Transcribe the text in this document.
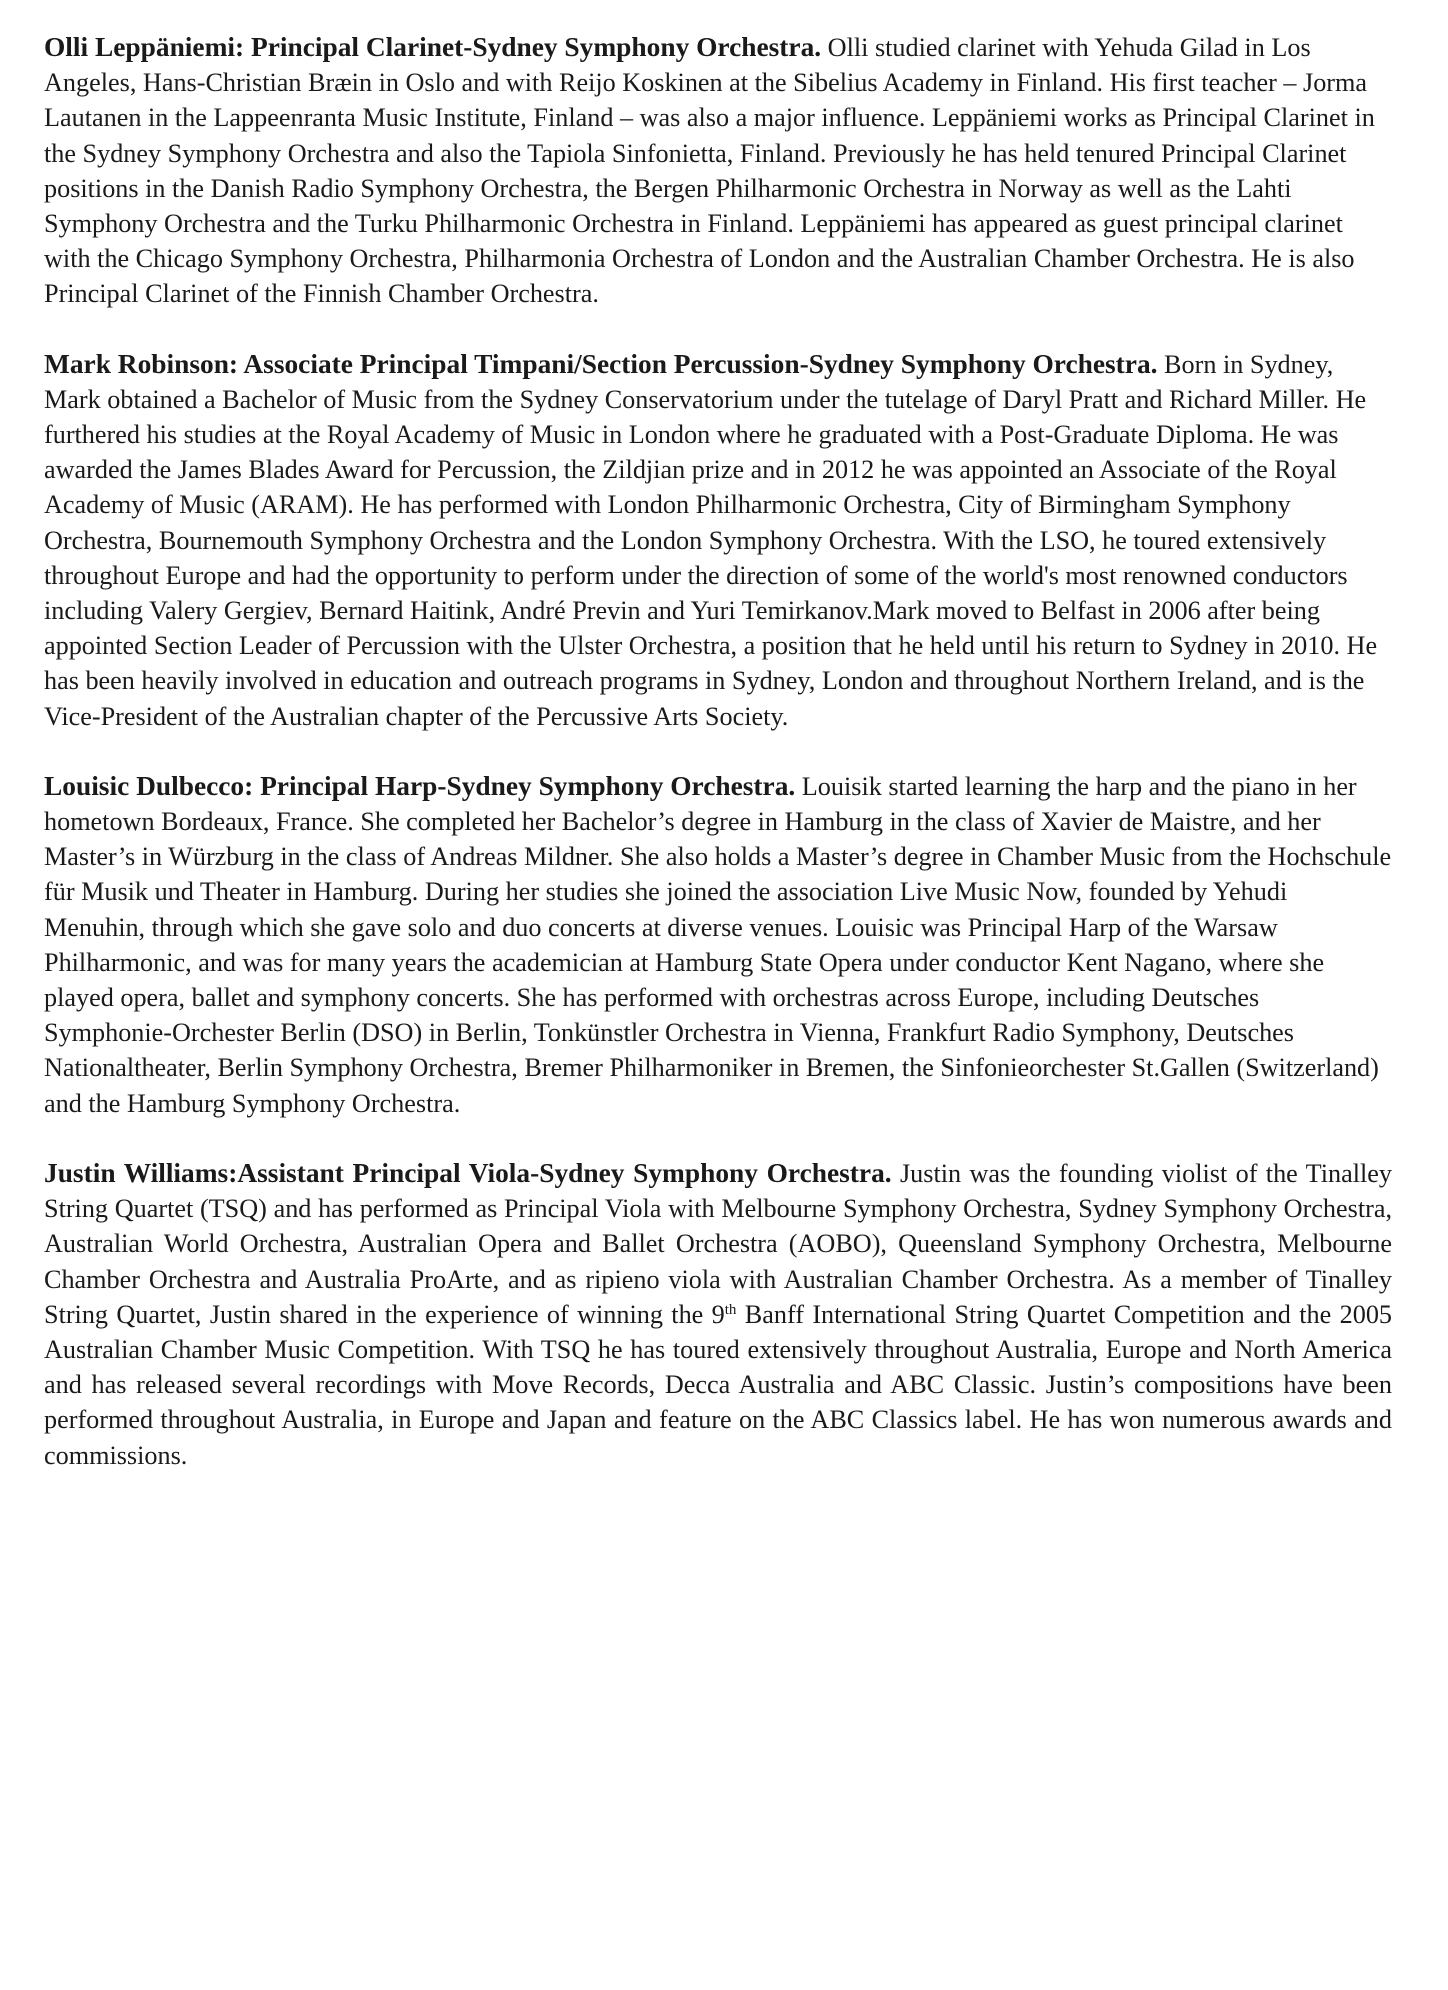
Olli Leppäniemi: Principal Clarinet-Sydney Symphony Orchestra. Olli studied clarinet with Yehuda Gilad in Los Angeles, Hans-Christian Bræin in Oslo and with Reijo Koskinen at the Sibelius Academy in Finland. His first teacher – Jorma Lautanen in the Lappeenranta Music Institute, Finland – was also a major influence. Leppäniemi works as Principal Clarinet in the Sydney Symphony Orchestra and also the Tapiola Sinfonietta, Finland. Previously he has held tenured Principal Clarinet positions in the Danish Radio Symphony Orchestra, the Bergen Philharmonic Orchestra in Norway as well as the Lahti Symphony Orchestra and the Turku Philharmonic Orchestra in Finland. Leppäniemi has appeared as guest principal clarinet with the Chicago Symphony Orchestra, Philharmonia Orchestra of London and the Australian Chamber Orchestra. He is also Principal Clarinet of the Finnish Chamber Orchestra.

Mark Robinson: Associate Principal Timpani/Section Percussion-Sydney Symphony Orchestra. Born in Sydney, Mark obtained a Bachelor of Music from the Sydney Conservatorium under the tutelage of Daryl Pratt and Richard Miller. He furthered his studies at the Royal Academy of Music in London where he graduated with a Post-Graduate Diploma. He was awarded the James Blades Award for Percussion, the Zildjian prize and in 2012 he was appointed an Associate of the Royal Academy of Music (ARAM). He has performed with London Philharmonic Orchestra, City of Birmingham Symphony Orchestra, Bournemouth Symphony Orchestra and the London Symphony Orchestra. With the LSO, he toured extensively throughout Europe and had the opportunity to perform under the direction of some of the world's most renowned conductors including Valery Gergiev, Bernard Haitink, André Previn and Yuri Temirkanov.Mark moved to Belfast in 2006 after being appointed Section Leader of Percussion with the Ulster Orchestra, a position that he held until his return to Sydney in 2010. He has been heavily involved in education and outreach programs in Sydney, London and throughout Northern Ireland, and is the Vice-President of the Australian chapter of the Percussive Arts Society.

Louisic Dulbecco: Principal Harp-Sydney Symphony Orchestra. Louisik started learning the harp and the piano in her hometown Bordeaux, France. She completed her Bachelor’s degree in Hamburg in the class of Xavier de Maistre, and her Master’s in Würzburg in the class of Andreas Mildner. She also holds a Master’s degree in Chamber Music from the Hochschule für Musik und Theater in Hamburg. During her studies she joined the association Live Music Now, founded by Yehudi Menuhin, through which she gave solo and duo concerts at diverse venues. Louisic was Principal Harp of the Warsaw Philharmonic, and was for many years the academician at Hamburg State Opera under conductor Kent Nagano, where she played opera, ballet and symphony concerts. She has performed with orchestras across Europe, including Deutsches Symphonie-Orchester Berlin (DSO) in Berlin, Tonkünstler Orchestra in Vienna, Frankfurt Radio Symphony, Deutsches Nationaltheater, Berlin Symphony Orchestra, Bremer Philharmoniker in Bremen, the Sinfonieorchester St.Gallen (Switzerland) and the Hamburg Symphony Orchestra.

Justin Williams:Assistant Principal Viola-Sydney Symphony Orchestra. Justin was the founding violist of the Tinalley String Quartet (TSQ) and has performed as Principal Viola with Melbourne Symphony Orchestra, Sydney Symphony Orchestra, Australian World Orchestra, Australian Opera and Ballet Orchestra (AOBO), Queensland Symphony Orchestra, Melbourne Chamber Orchestra and Australia ProArte, and as ripieno viola with Australian Chamber Orchestra. As a member of Tinalley String Quartet, Justin shared in the experience of winning the 9th Banff International String Quartet Competition and the 2005 Australian Chamber Music Competition. With TSQ he has toured extensively throughout Australia, Europe and North America and has released several recordings with Move Records, Decca Australia and ABC Classic. Justin’s compositions have been performed throughout Australia, in Europe and Japan and feature on the ABC Classics label. He has won numerous awards and commissions.
